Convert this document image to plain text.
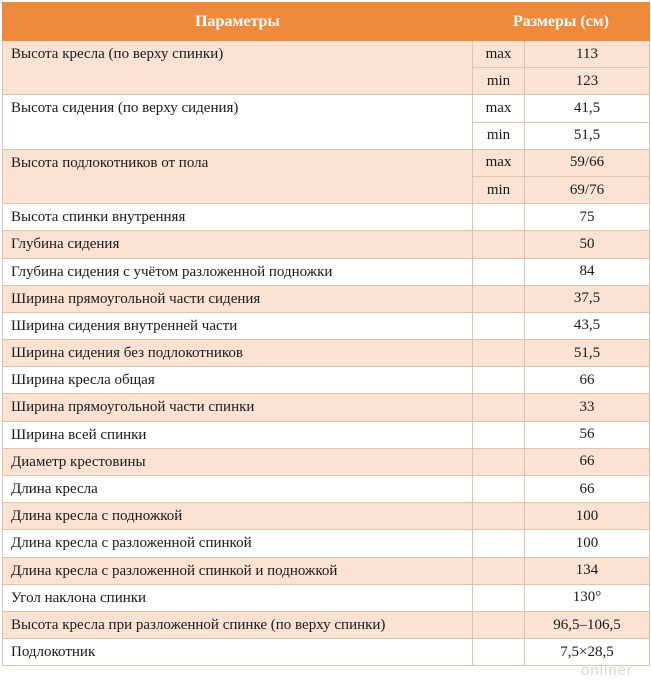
Параметры	Размеры (см)	
Высота кресла (по верху спинки)	max	113
	min	123
Высота сидения (по верху сидения)	max	41,5
	min	51,5
Высота подлокотников от пола	max	59/66
	min	69/76
Высота спинки внутренняя		75
Глубина сидения		50
Глубина сидения с учётом разложенной подножки		84
Ширина прямоугольной части сидения		37,5
Ширина сидения внутренней части		43,5
Ширина сидения без подлокотников		51,5
Ширина кресла общая		66
Ширина прямоугольной части спинки		33
Ширина всей спинки		56
Диаметр крестовины		66
Длина кресла		66
Длина кресла с подножкой		100
Длина кресла с разложенной спинкой		100
Длина кресла с разложенной спинкой и подножкой		134
Угол наклона спинки		130°
Высота кресла при разложенной спинке (по верху спинки)		96,5–106,5
Подлокотник		7,5×28,5
onliner
